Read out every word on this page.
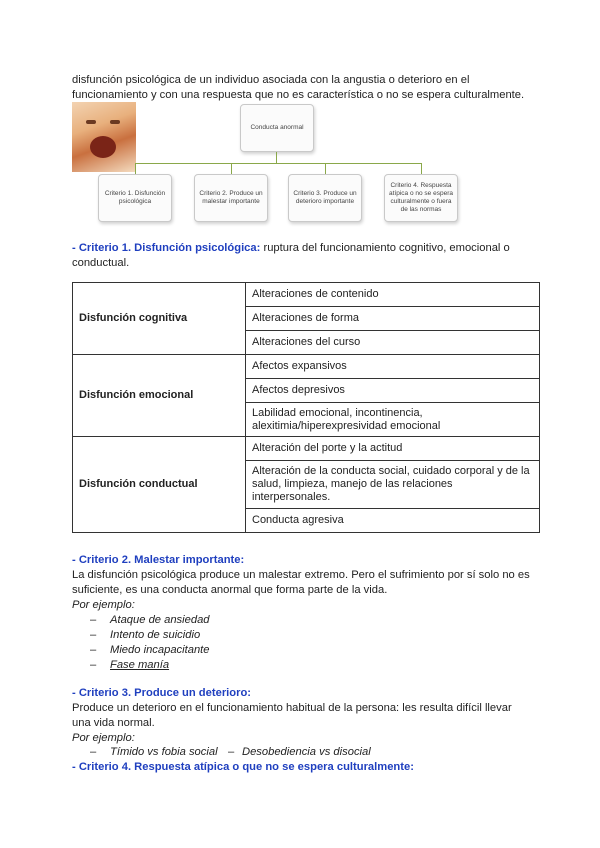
disfunción psicológica de un individuo asociada con la angustia o deterioro en el
funcionamiento y con una respuesta que no es característica o no se espera culturalmente.
Conducta anormal
Criterio 1. Disfunción psicológica
Criterio 2. Produce un malestar importante
Criterio 3. Produce un deterioro importante
Criterio 4. Respuesta atípica o no se espera culturalmente o fuera de las normas
- Criterio 1. Disfunción psicológica: ruptura del funcionamiento cognitivo, emocional o
conductual.
Disfunción cognitiva	Alteraciones de contenido
	Alteraciones de forma
	Alteraciones del curso
Disfunción emocional	Afectos expansivos
	Afectos depresivos
	Labilidad emocional, incontinencia,
alexitimia/hiperexpresividad emocional
Disfunción conductual	Alteración del porte y la actitud
	Alteración de la conducta social, cuidado corporal y de la
salud, limpieza, manejo de las relaciones
interpersonales.
	Conducta agresiva
- Criterio 2. Malestar importante:
La disfunción psicológica produce un malestar extremo. Pero el sufrimiento por sí solo no es
suficiente, es una conducta anormal que forma parte de la vida.
Por ejemplo:
– Ataque de ansiedad
– Intento de suicidio
– Miedo incapacitante
– Fase manía
- Criterio 3. Produce un deterioro:
Produce un deterioro en el funcionamiento habitual de la persona: les resulta difícil llevar
una vida normal.
Por ejemplo:
– Tímido vs fobia social – Desobediencia vs disocial
- Criterio 4. Respuesta atípica o que no se espera culturalmente:
